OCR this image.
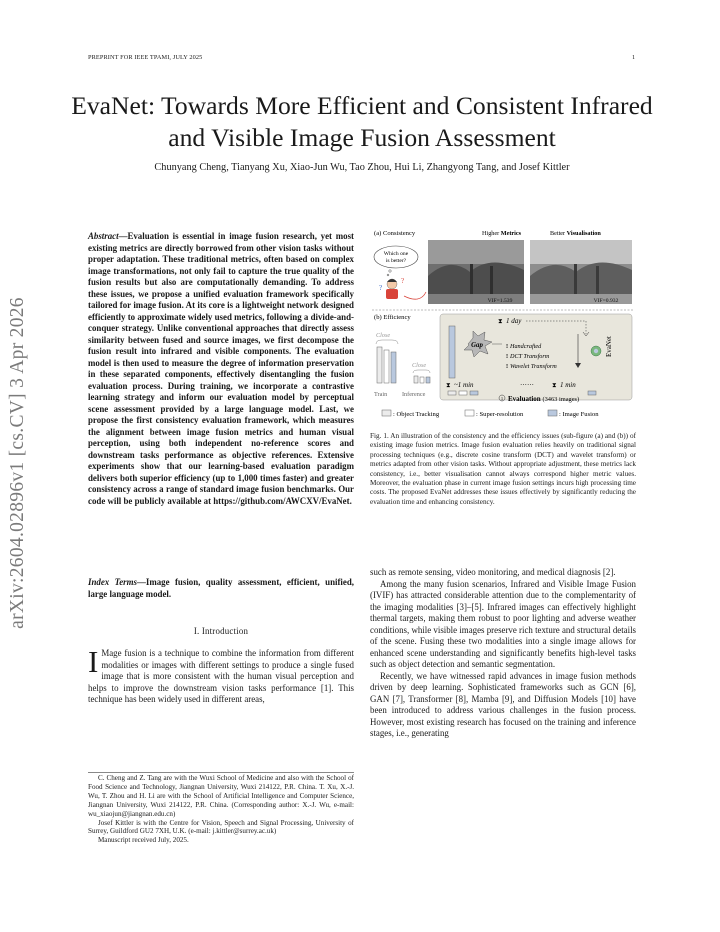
PREPRINT FOR IEEE TPAMI, JULY 2025	1
arXiv:2604.02896v1 [cs.CV] 3 Apr 2026
EvaNet: Towards More Efficient and Consistent Infrared and Visible Image Fusion Assessment
Chunyang Cheng, Tianyang Xu, Xiao-Jun Wu, Tao Zhou, Hui Li, Zhangyong Tang, and Josef Kittler
Abstract—Evaluation is essential in image fusion research, yet most existing metrics are directly borrowed from other vision tasks without proper adaptation. These traditional metrics, often based on complex image transformations, not only fail to capture the true quality of the fusion results but also are computationally demanding. To address these issues, we propose a unified evaluation framework specifically tailored for image fusion. At its core is a lightweight network designed efficiently to approximate widely used metrics, following a divide-and-conquer strategy. Unlike conventional approaches that directly assess similarity between fused and source images, we first decompose the fusion result into infrared and visible components. The evaluation model is then used to measure the degree of information preservation in these separated components, effectively disentangling the fusion evaluation process. During training, we incorporate a contrastive learning strategy and inform our evaluation model by perceptual scene assessment provided by a large language model. Last, we propose the first consistency evaluation framework, which measures the alignment between image fusion metrics and human visual perception, using both independent no-reference scores and downstream tasks performance as objective references. Extensive experiments show that our learning-based evaluation paradigm delivers both superior efficiency (up to 1,000 times faster) and greater consistency across a range of standard image fusion benchmarks. Our code will be publicly available at https://github.com/AWCXV/EvaNet.
Index Terms—Image fusion, quality assessment, efficient, unified, large language model.
I. Introduction
I Mage fusion is a technique to combine the information from different modalities or images with different settings to produce a single fused image that is more consistent with the human visual perception and helps to improve the downstream vision tasks performance [1]. This technique has been widely used in different areas,

C. Cheng and Z. Tang are with the Wuxi School of Medicine and also with the School of Food Science and Technology, Jiangnan University, Wuxi 214122, P.R. China. T. Xu, X.-J. Wu, T. Zhou and H. Li are with the School of Artificial Intelligence and Computer Science, Jiangnan University, Wuxi 214122, P.R. China. (Corresponding author: X.-J. Wu, e-mail: wu_xiaojun@jiangnan.edu.cn)

Josef Kittler is with the Centre for Vision, Speech and Signal Processing, University of Surrey, Guildford GU2 7XH, U.K. (e-mail: j.kittler@surrey.ac.uk)

Manuscript received July, 2025.

(a) Consistency	Higher Metrics	Better Visualisation
Which one
is better?
?
?
VIF=1.539	VIF=0.932
(b) Efficiency
Close
Train
Close
Inference
Gap
⧗ 1 day
Handcrafted
DCT Transform
Wavelet Transform
!
!
!
EvaNet
⧗ ~1 min	······	⧗ 1 min
1 Evaluation (3463 images)
: Object Tracking	: Super-resolution	: Image Fusion
Fig. 1. An illustration of the consistency and the efficiency issues (sub-figure (a) and (b)) of existing image fusion metrics. Image fusion evaluation relies heavily on traditional signal processing techniques (e.g., discrete cosine transform (DCT) and wavelet transform) or metrics adapted from other vision tasks. Without appropriate adjustment, these metrics lack consistency, i.e., better visualisation cannot always correspond higher metric values. Moreover, the evaluation phase in current image fusion settings incurs high processing time costs. The proposed EvaNet addresses these issues effectively by significantly reducing the evaluation time and enhancing consistency.

such as remote sensing, video monitoring, and medical diagnosis [2].

Among the many fusion scenarios, Infrared and Visible Image Fusion (IVIF) has attracted considerable attention due to the complementarity of the imaging modalities [3]–[5]. Infrared images can effectively highlight thermal targets, making them robust to poor lighting and adverse weather conditions, while visible images preserve rich texture and structural details of the scene. Fusing these two modalities into a single image allows for enhanced scene understanding and significantly benefits high-level tasks such as object detection and semantic segmentation.

Recently, we have witnessed rapid advances in image fusion methods driven by deep learning. Sophisticated frameworks such as GCN [6], GAN [7], Transformer [8], Mamba [9], and Diffusion Models [10] have been introduced to address various challenges in the fusion process. However, most existing research has focused on the training and inference stages, i.e., generating
